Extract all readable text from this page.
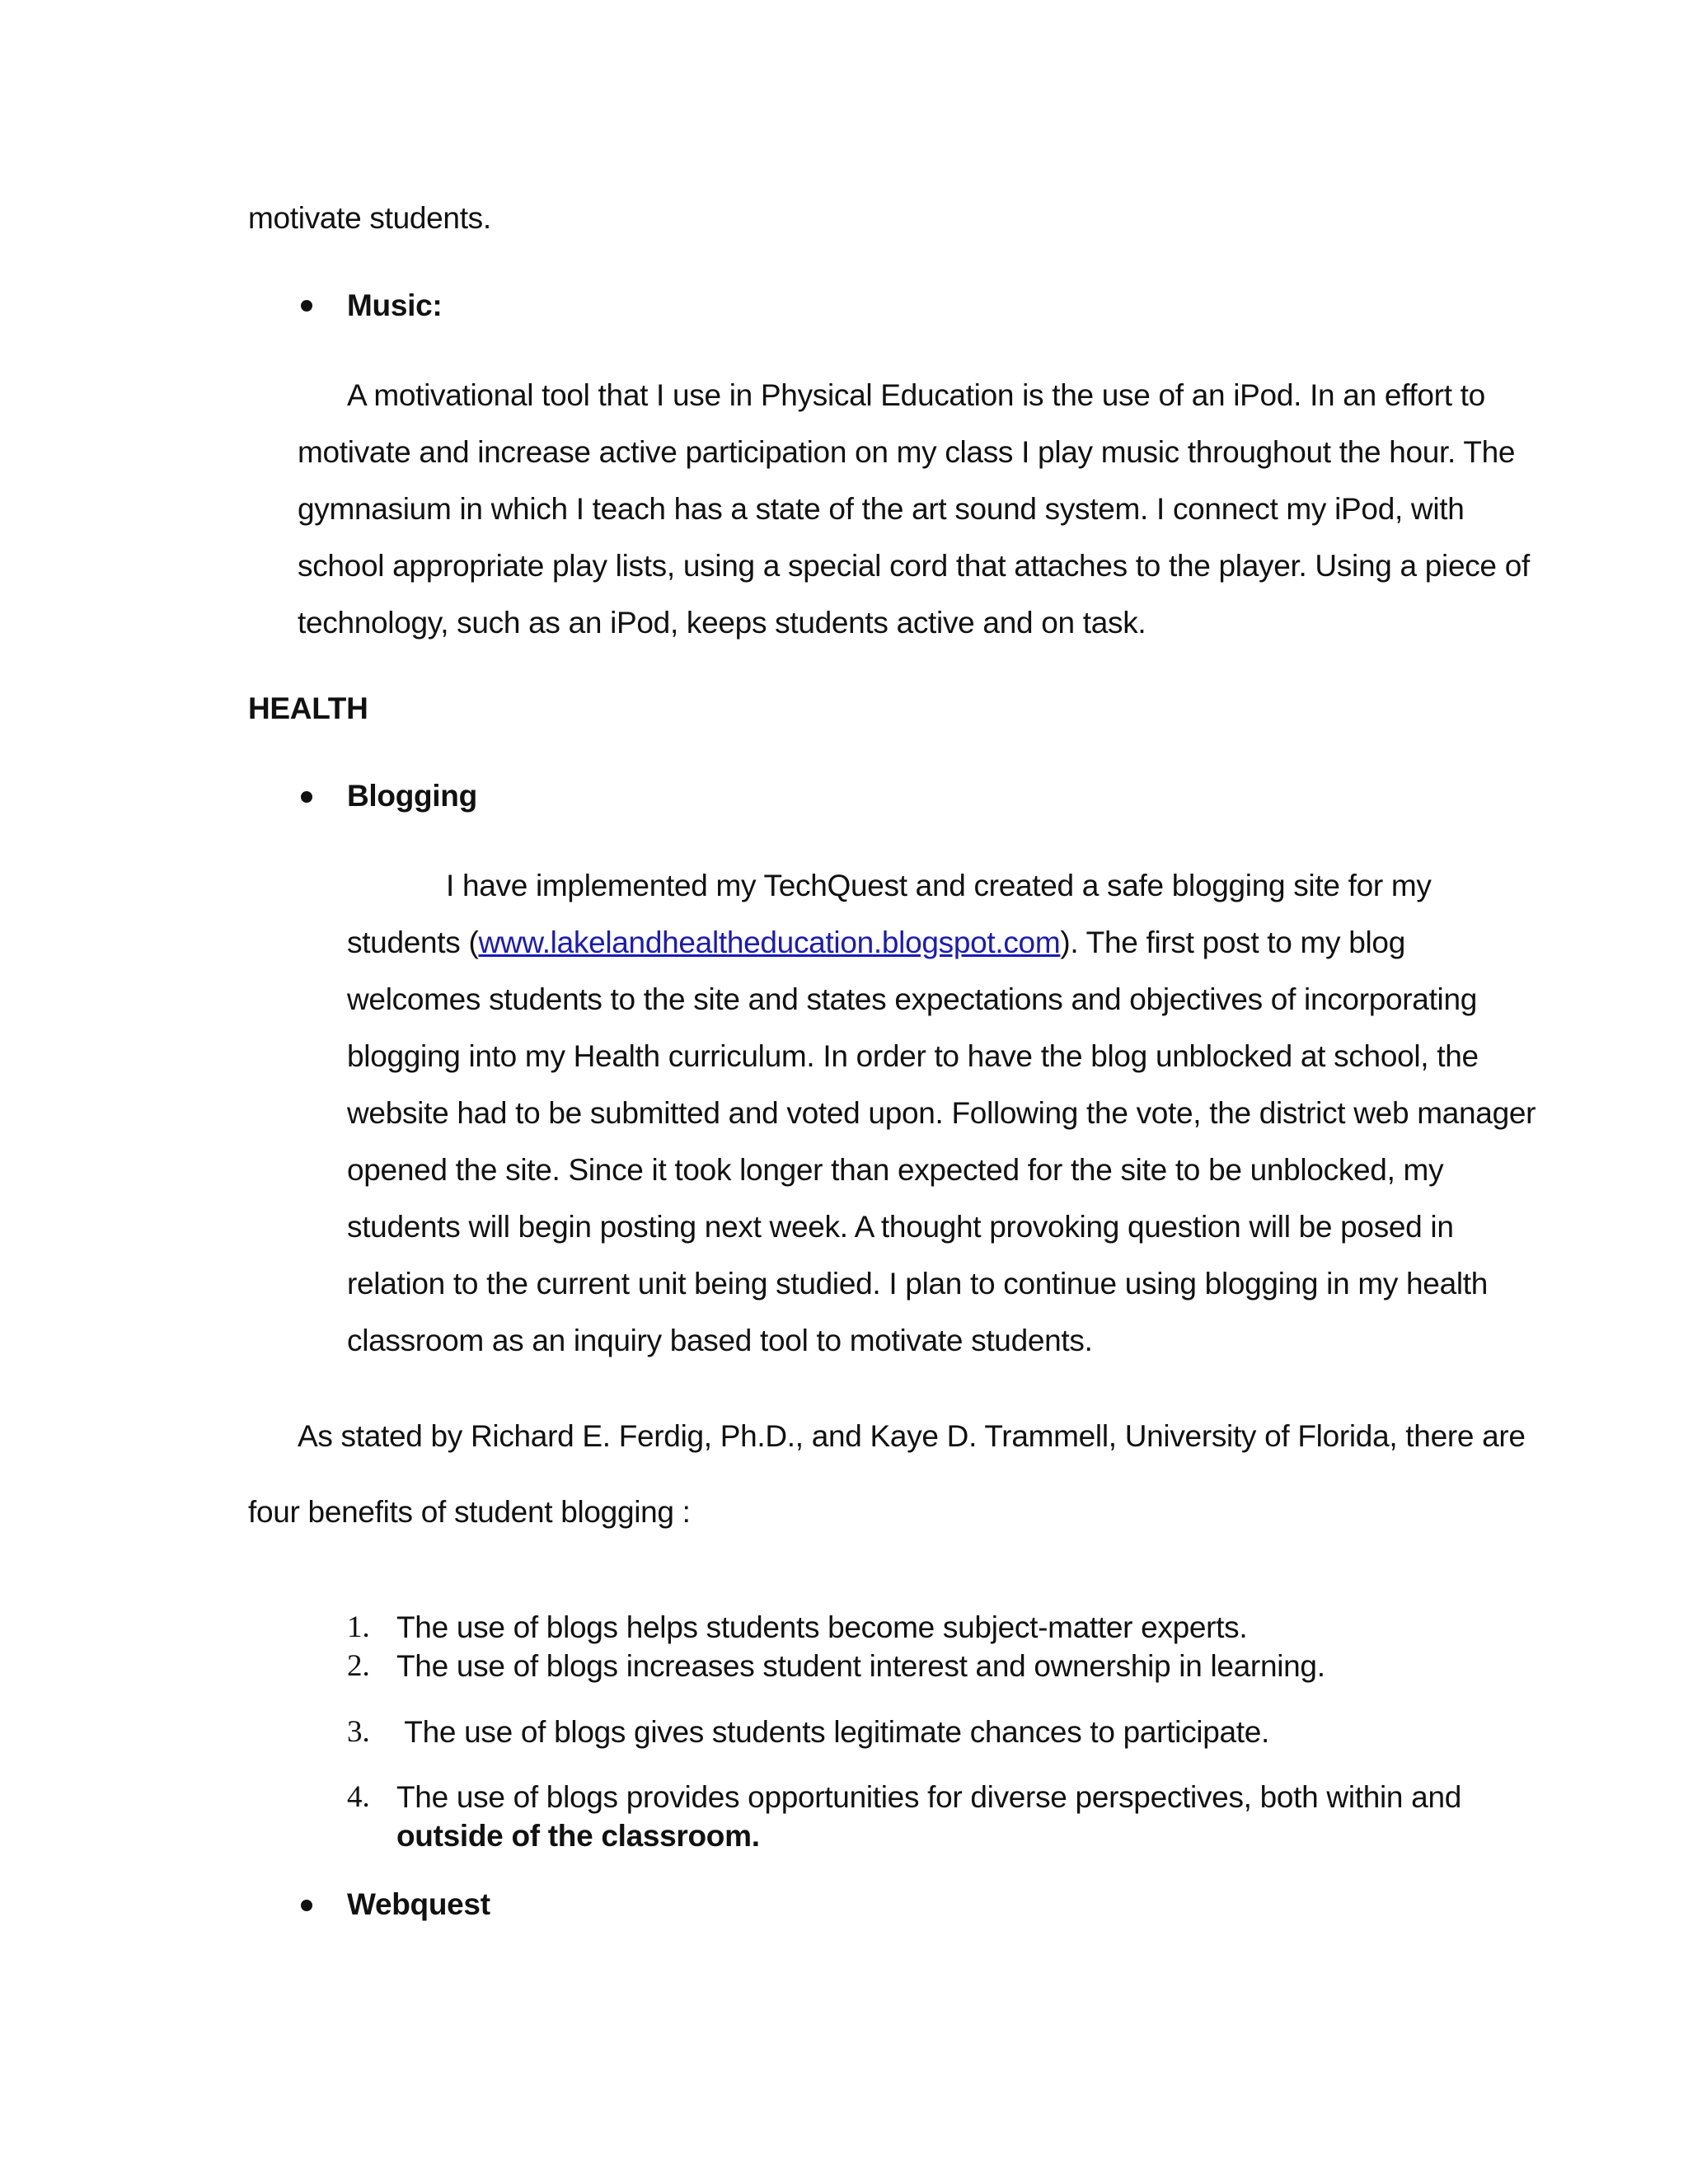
motivate students.
Music:
A motivational tool that I use in Physical Education is the use of an iPod. In an effort to
motivate and increase active participation on my class I play music throughout the hour. The
gymnasium in which I teach has a state of the art sound system. I connect my iPod, with
school appropriate play lists, using a special cord that attaches to the player. Using a piece of
technology, such as an iPod, keeps students active and on task.
HEALTH
Blogging
I have implemented my TechQuest and created a safe blogging site for my
students (www.lakelandhealtheducation.blogspot.com). The first post to my blog
welcomes students to the site and states expectations and objectives of incorporating
blogging into my Health curriculum. In order to have the blog unblocked at school, the
website had to be submitted and voted upon. Following the vote, the district web manager
opened the site. Since it took longer than expected for the site to be unblocked, my
students will begin posting next week. A thought provoking question will be posed in
relation to the current unit being studied. I plan to continue using blogging in my health
classroom as an inquiry based tool to motivate students.
As stated by Richard E. Ferdig, Ph.D., and Kaye D. Trammell, University of Florida, there are
four benefits of student blogging :
1. The use of blogs helps students become subject-matter experts.
2. The use of blogs increases student interest and ownership in learning.
3. The use of blogs gives students legitimate chances to participate.
4. The use of blogs provides opportunities for diverse perspectives, both within and
outside of the classroom.
Webquest
